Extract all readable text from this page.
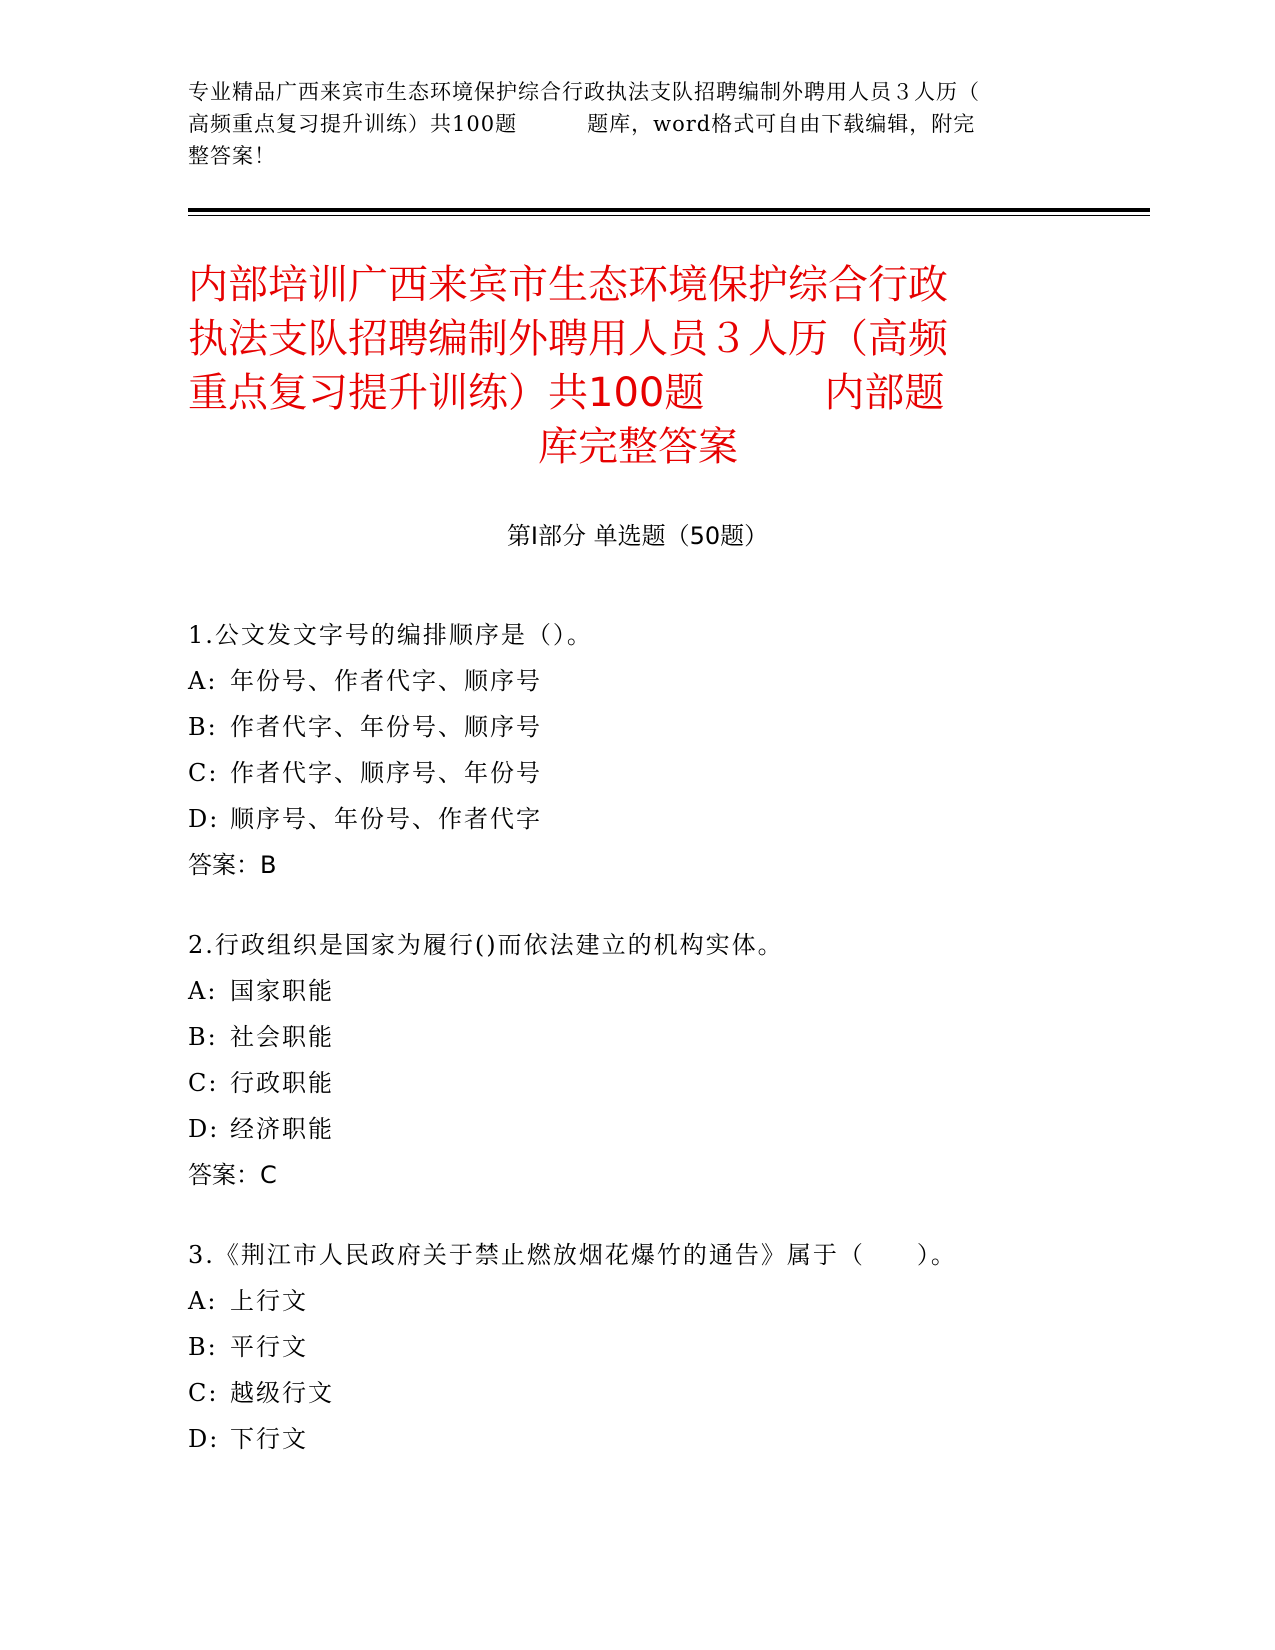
专业精品广西来宾市生态环境保护综合行政执法支队招聘编制外聘用人员３人历（
高频重点复习提升训练）共100题	题库，word格式可自由下载编辑，附完
整答案！
内部培训广西来宾市生态环境保护综合行政
执法支队招聘编制外聘用人员３人历（高频
重点复习提升训练）共100题	内部题
库完整答案
第Ⅰ部分 单选题（50题）
1.公文发文字号的编排顺序是（）。
A: 年份号、作者代字、顺序号
B: 作者代字、年份号、顺序号
C: 作者代字、顺序号、年份号
D: 顺序号、年份号、作者代字
答案：B
2.行政组织是国家为履行()而依法建立的机构实体。
A: 国家职能
B: 社会职能
C: 行政职能
D: 经济职能
答案：C
3.《荆江市人民政府关于禁止燃放烟花爆竹的通告》属于（　　）。
A: 上行文
B: 平行文
C: 越级行文
D: 下行文
